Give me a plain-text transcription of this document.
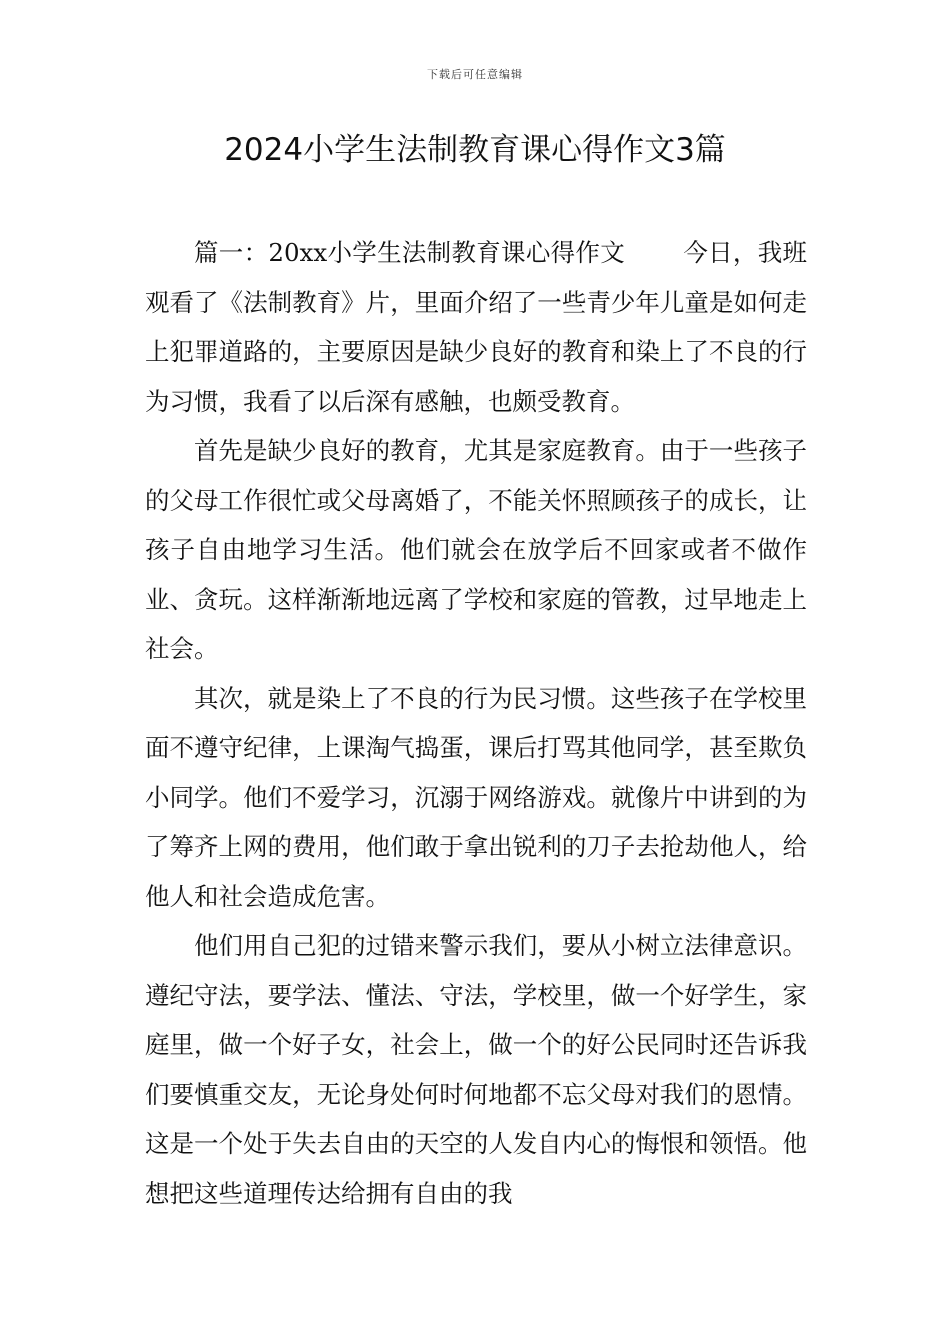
下载后可任意编辑
2024小学生法制教育课心得作文3篇

篇一：20xx小学生法制教育课心得作文 今日，我班观看了《法制教育》片，里面介绍了一些青少年儿童是如何走上犯罪道路的，主要原因是缺少良好的教育和染上了不良的行为习惯，我看了以后深有感触，也颇受教育。

首先是缺少良好的教育，尤其是家庭教育。由于一些孩子的父母工作很忙或父母离婚了，不能关怀照顾孩子的成长，让孩子自由地学习生活。他们就会在放学后不回家或者不做作业、贪玩。这样渐渐地远离了学校和家庭的管教，过早地走上社会。

其次，就是染上了不良的行为民习惯。这些孩子在学校里面不遵守纪律，上课淘气捣蛋，课后打骂其他同学，甚至欺负小同学。他们不爱学习，沉溺于网络游戏。就像片中讲到的为了筹齐上网的费用，他们敢于拿出锐利的刀子去抢劫他人，给他人和社会造成危害。

他们用自己犯的过错来警示我们，要从小树立法律意识。遵纪守法，要学法、懂法、守法，学校里，做一个好学生，家庭里，做一个好子女，社会上，做一个的好公民同时还告诉我们要慎重交友，无论身处何时何地都不忘父母对我们的恩情。这是一个处于失去自由的天空的人发自内心的悔恨和领悟。他想把这些道理传达给拥有自由的我
